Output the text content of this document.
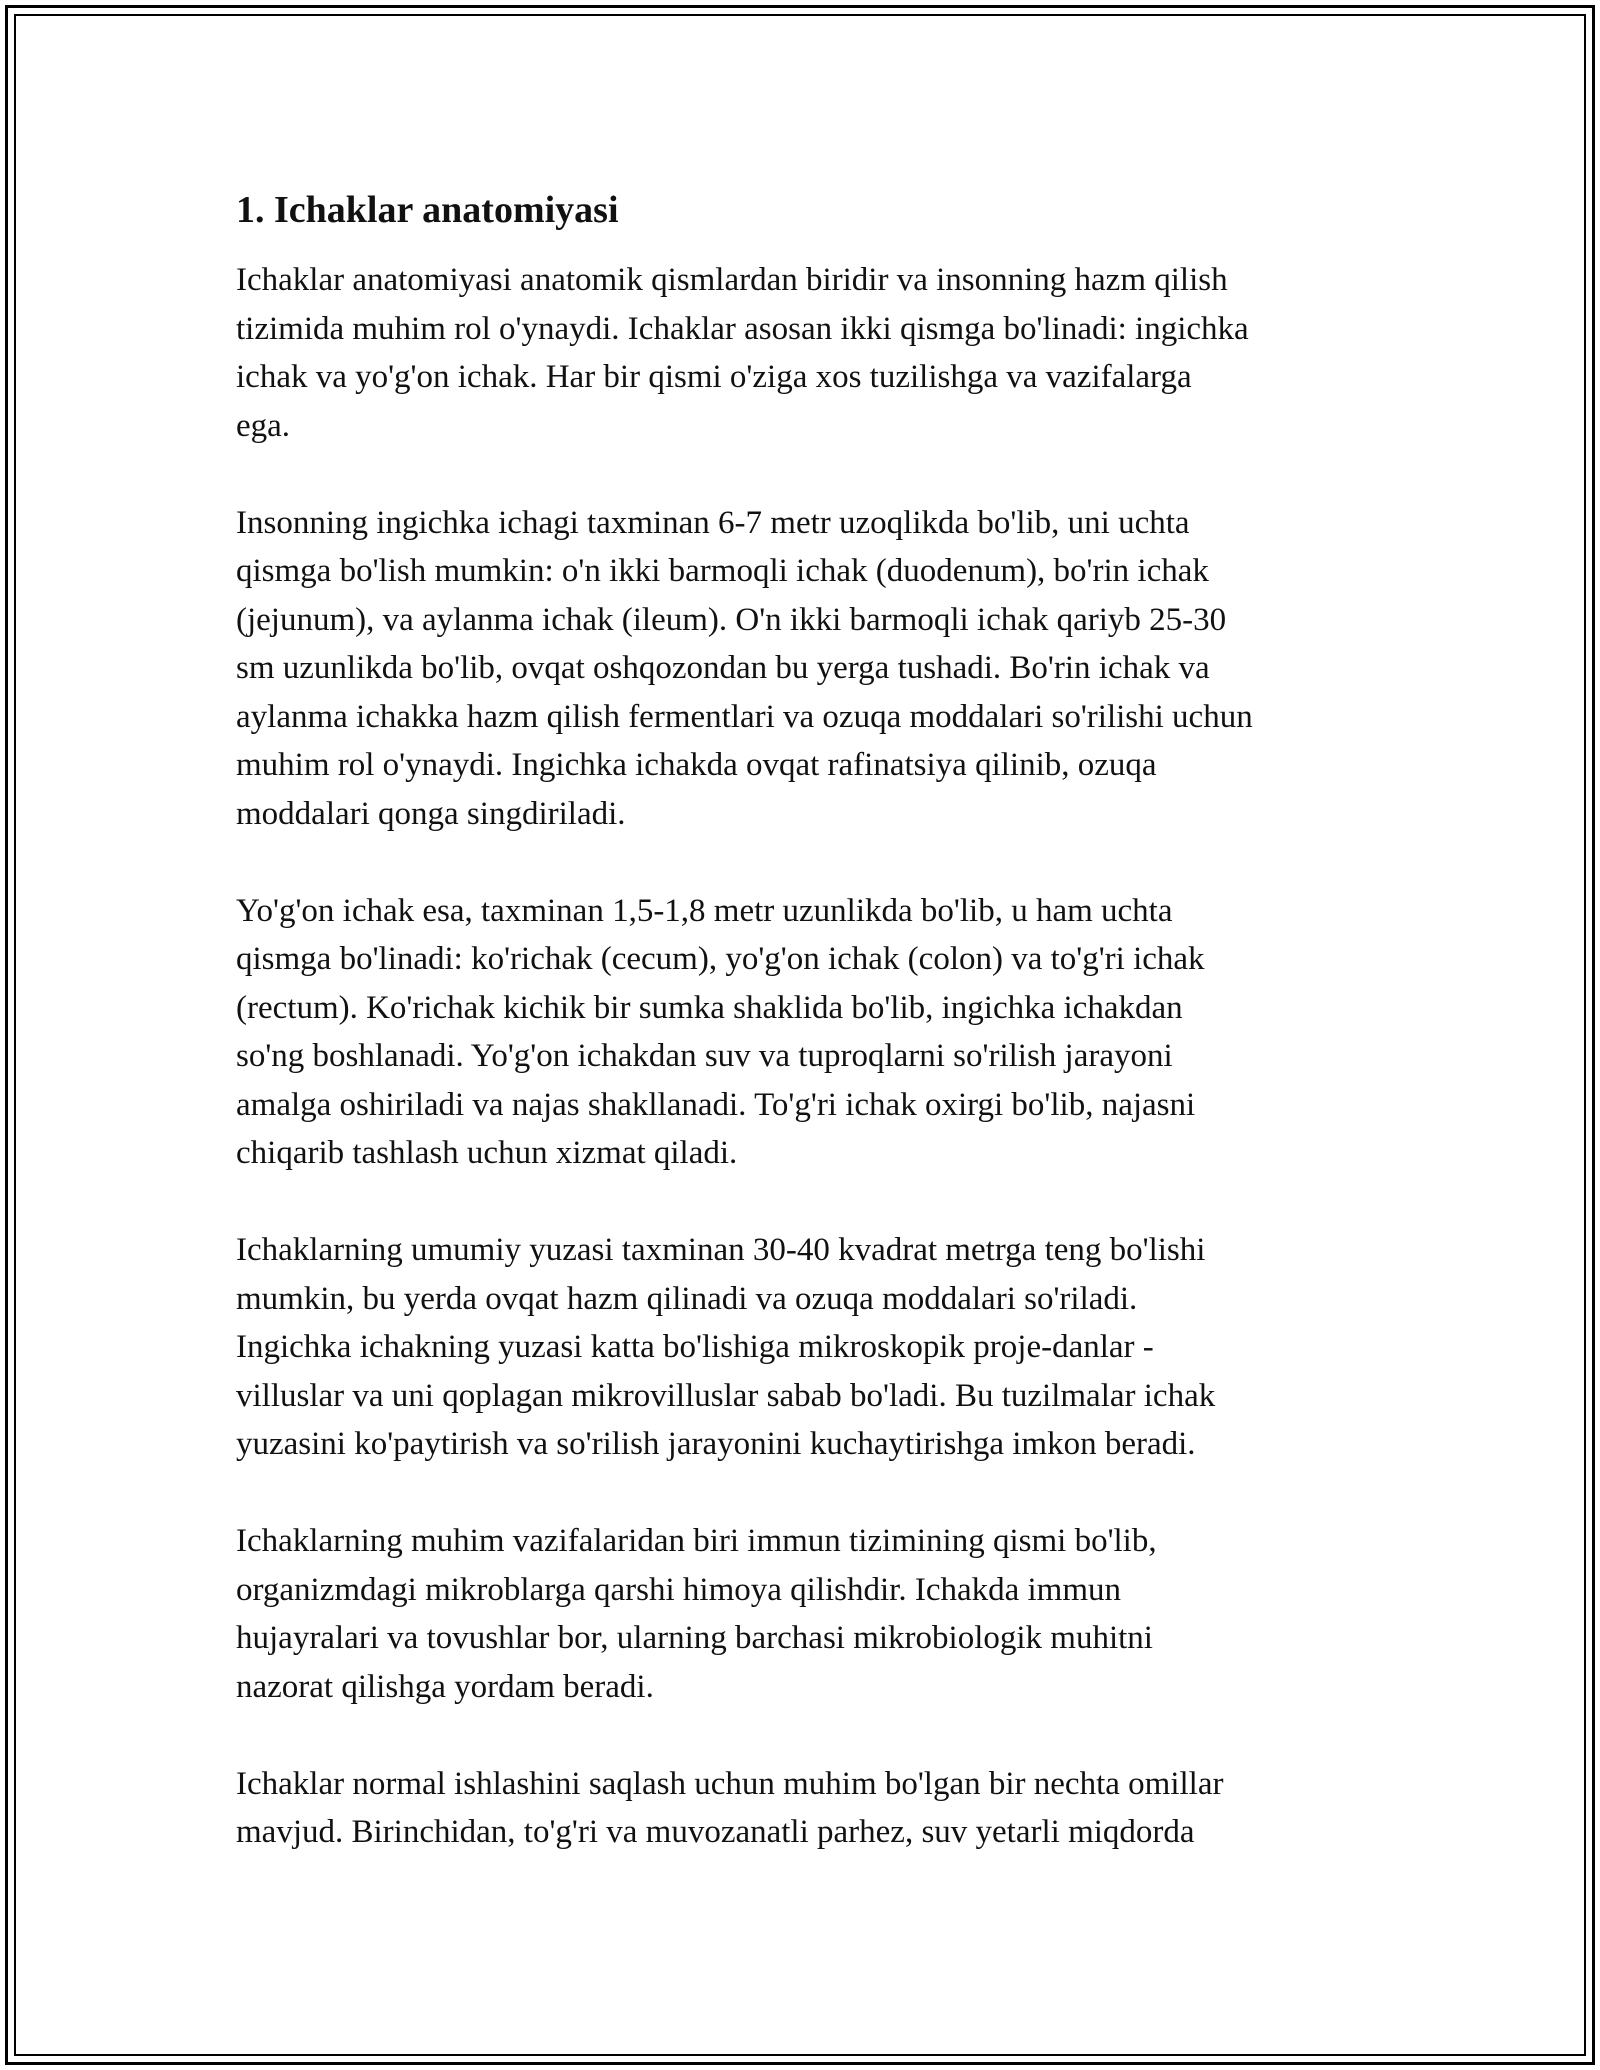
1. Ichaklar anatomiyasi

Ichaklar anatomiyasi anatomik qismlardan biridir va insonning hazm qilish
tizimida muhim rol o'ynaydi. Ichaklar asosan ikki qismga bo'linadi: ingichka
ichak va yo'g'on ichak. Har bir qismi o'ziga xos tuzilishga va vazifalarga
ega.

Insonning ingichka ichagi taxminan 6-7 metr uzoqlikda bo'lib, uni uchta
qismga bo'lish mumkin: o'n ikki barmoqli ichak (duodenum), bo'rin ichak
(jejunum), va aylanma ichak (ileum). O'n ikki barmoqli ichak qariyb 25-30
sm uzunlikda bo'lib, ovqat oshqozondan bu yerga tushadi. Bo'rin ichak va
aylanma ichakka hazm qilish fermentlari va ozuqa moddalari so'rilishi uchun
muhim rol o'ynaydi. Ingichka ichakda ovqat rafinatsiya qilinib, ozuqa
moddalari qonga singdiriladi.

Yo'g'on ichak esa, taxminan 1,5-1,8 metr uzunlikda bo'lib, u ham uchta
qismga bo'linadi: ko'richak (cecum), yo'g'on ichak (colon) va to'g'ri ichak
(rectum). Ko'richak kichik bir sumka shaklida bo'lib, ingichka ichakdan
so'ng boshlanadi. Yo'g'on ichakdan suv va tuproqlarni so'rilish jarayoni
amalga oshiriladi va najas shakllanadi. To'g'ri ichak oxirgi bo'lib, najasni
chiqarib tashlash uchun xizmat qiladi.

Ichaklarning umumiy yuzasi taxminan 30-40 kvadrat metrga teng bo'lishi
mumkin, bu yerda ovqat hazm qilinadi va ozuqa moddalari so'riladi.
Ingichka ichakning yuzasi katta bo'lishiga mikroskopik proje-danlar -
villuslar va uni qoplagan mikrovilluslar sabab bo'ladi. Bu tuzilmalar ichak
yuzasini ko'paytirish va so'rilish jarayonini kuchaytirishga imkon beradi.

Ichaklarning muhim vazifalaridan biri immun tizimining qismi bo'lib,
organizmdagi mikroblarga qarshi himoya qilishdir. Ichakda immun
hujayralari va tovushlar bor, ularning barchasi mikrobiologik muhitni
nazorat qilishga yordam beradi.

Ichaklar normal ishlashini saqlash uchun muhim bo'lgan bir nechta omillar
mavjud. Birinchidan, to'g'ri va muvozanatli parhez, suv yetarli miqdorda
